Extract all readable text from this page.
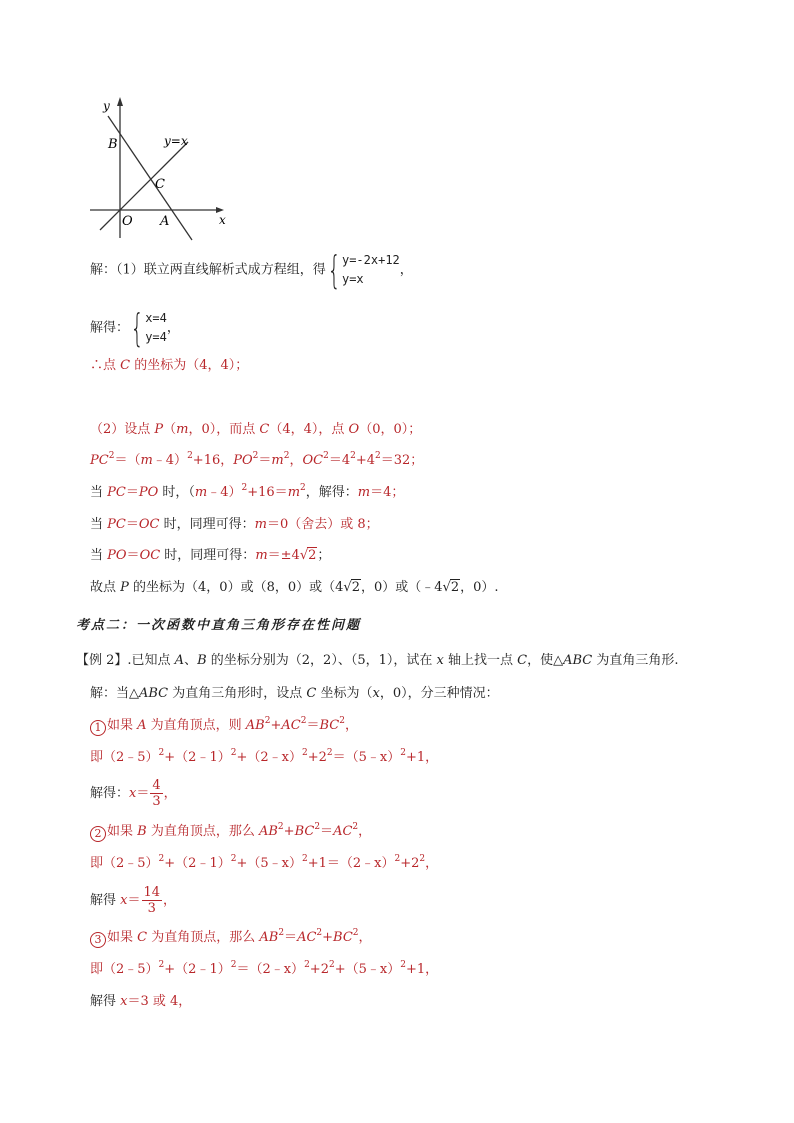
y
x
B
C
O A
y=x
解：（1）联立两直线解析式成方程组，得{y=-2x+12
y=x，
解得：{x=4
y=4，
∴点 C 的坐标为（4，4）；
（2）设点 P（m，0），而点 C（4，4），点 O（0，0）；
$PC^2=(m﹣4)^2+16$，$PO^2=m^2$，$OC^2=4^2+4^2=32$；
当 PC＝PO 时，$(m﹣4)^2+16=m^2$，解得：m＝4；
当 PC＝OC 时，同理可得：m＝0（舍去）或 8；
当 PO＝OC 时，同理可得：m＝±4√2；
故点 P 的坐标为（4，0）或（8，0）或（4√2，0）或（﹣4√2，0）.
考点二：一次函数中直角三角形存在性问题
【例 2】.已知点 A、B 的坐标分别为（2，2）、（5，1），试在 x 轴上找一点 C，使△ABC 为直角三角形.
解：当△ABC 为直角三角形时，设点 C 坐标为（x，0），分三种情况：
1 如果 A 为直角顶点，则 $AB^2+AC^2=BC^2$，
即$(2﹣5)^2+(2﹣1)^2+(2﹣x)^2+2^2=(5﹣x)^2+1$，
解得：$x= \frac{4}{3}$ ，
2 如果 B 为直角顶点，那么 $AB^2+BC^2=AC^2$，
即$(2﹣5)^2+(2﹣1)^2+(5﹣x)^2+1=(2﹣x)^2+2^2$，
解得 $x= \frac{14}{3}$ ，
3 如果 C 为直角顶点，那么 $AB^2=AC^2+BC^2$，
即$(2﹣5)^2+(2﹣1)^2=(2﹣x)^2+2^2+(5﹣x)^2+1$，
解得 x＝3 或 4，
